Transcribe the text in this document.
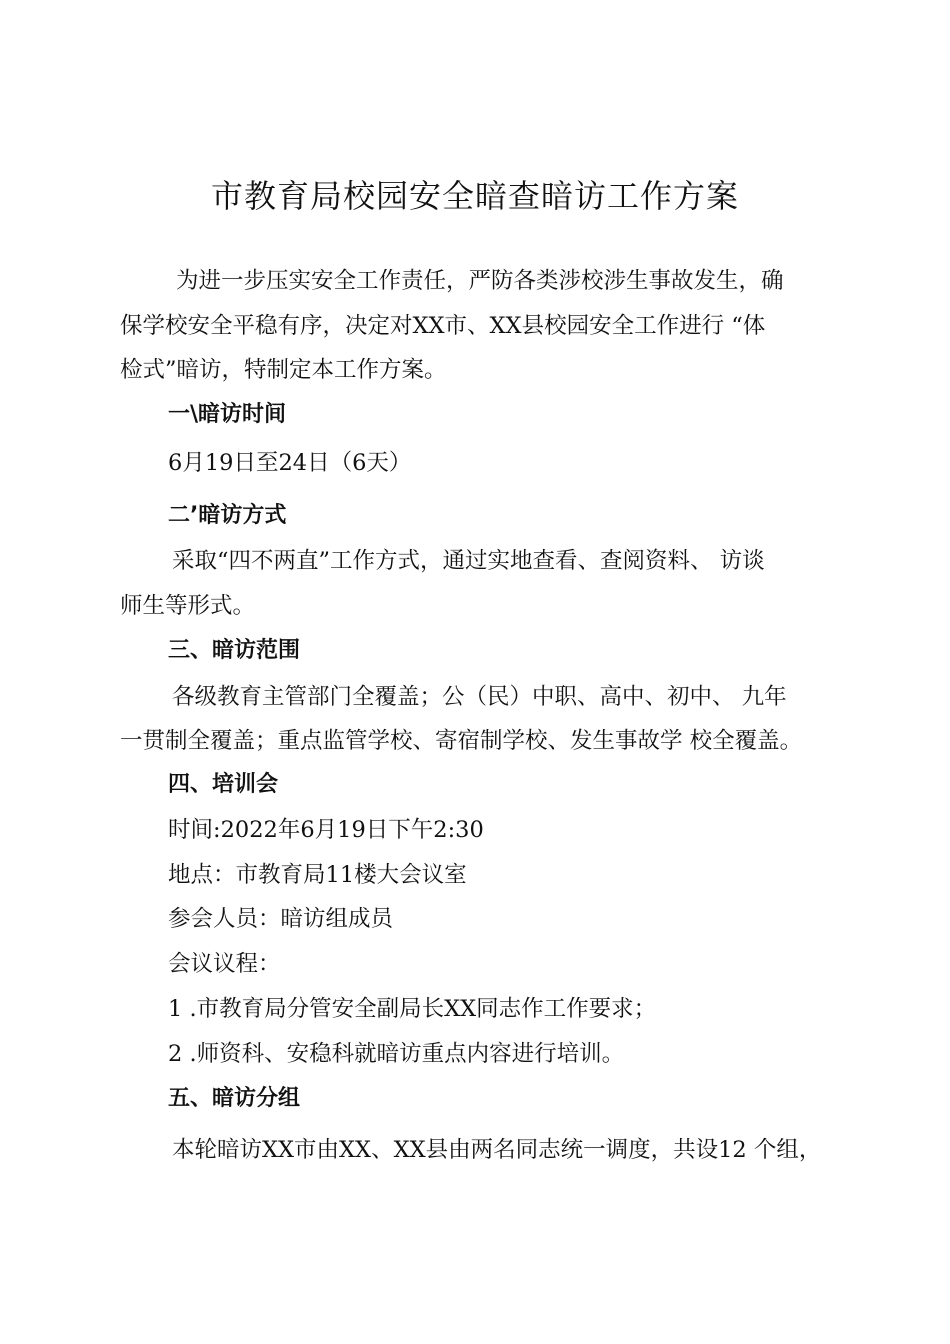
市教育局校园安全暗查暗访工作方案

为进一步压实安全工作责任，严防各类涉校涉生事故发生，确

保学校安全平稳有序，决定对XX市、XX县校园安全工作进行 “体

检式”暗访，特制定本工作方案。

一\暗访时间

6月19日至24日（6天）

二’暗访方式

采取“四不两直”工作方式，通过实地查看、查阅资料、 访谈

师生等形式。

三、暗访范围

各级教育主管部门全覆盖；公（民）中职、高中、初中、 九年

一贯制全覆盖；重点监管学校、寄宿制学校、发生事故学 校全覆盖。

四、培训会

时间:2022年6月19日下午2:30

地点：市教育局11楼大会议室

参会人员：暗访组成员

会议议程：

1 .市教育局分管安全副局长XX同志作工作要求；

2 .师资科、安稳科就暗访重点内容进行培训。

五、暗访分组

本轮暗访XX市由XX、XX县由两名同志统一调度，共设12 个组，
